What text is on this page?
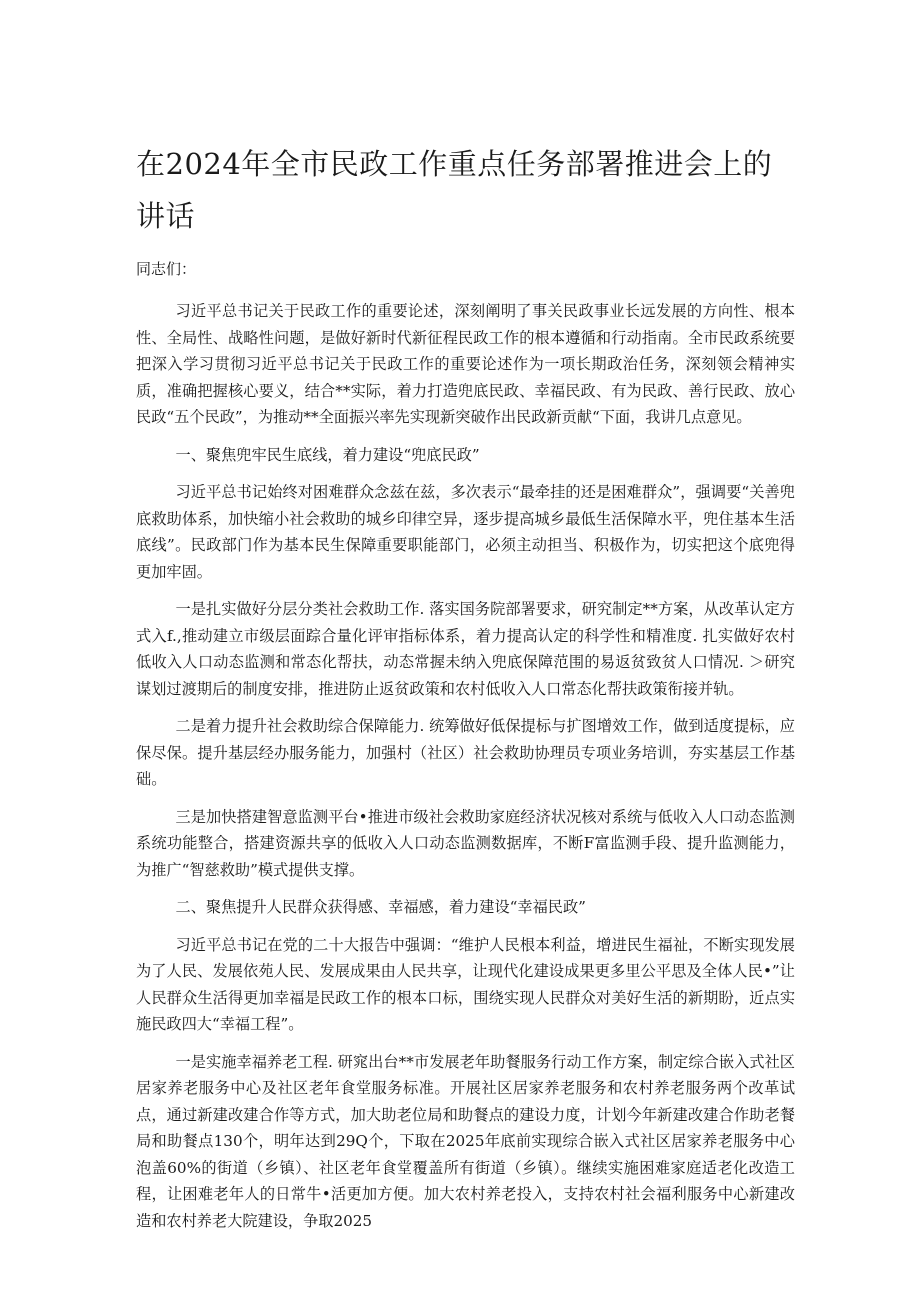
在2024年全市民政工作重点任务部署推进会上的讲话

同志们：

习近平总书记关于民政工作的重要论述，深刻阐明了事关民政事业长远发展的方向性、根本性、全局性、战略性问题，是做好新时代新征程民政工作的根本遵循和行动指南。全市民政系统要把深入学习贯彻习近平总书记关于民政工作的重要论述作为一项长期政治任务，深刻领会精神实质，准确把握核心要义，结合**实际，着力打造兜底民政、幸福民政、有为民政、善行民政、放心民政“五个民政”，为推动**全面振兴率先实现新突破作出民政新贡献“下面，我讲几点意见。

一、聚焦兜牢民生底线，着力建设“兜底民政”

习近平总书记始终对困难群众念兹在兹，多次表示“最牵挂的还是困难群众”，强调要“关善兜底救助体系，加快缩小社会救助的城乡印律空异，逐步提高城乡最低生活保障水平，兜住基本生活底线”。民政部门作为基本民生保障重要职能部门，必须主动担当、积极作为，切实把这个底兜得更加牢固。

一是扎实做好分层分类社会救助工作. 落实国务院部署要求，研究制定**方案，从改革认定方式入f.,推动建立市级层面踪合量化评审指标体系，着力提高认定的科学性和精准度. 扎实做好农村低收入人口动态监测和常态化帮扶，动态常握未纳入兜底保障范围的易返贫致贫人口情况. ＞研究谋划过渡期后的制度安排，推进防止返贫政策和农村低收入人口常态化帮扶政策衔接并轨。

二是着力提升社会救助综合保障能力. 统筹做好低保提标与扩图增效工作，做到适度提标，应保尽保。提升基层经办服务能力，加强村（社区）社会救助协理员专项业务培训，夯实基层工作基础。

三是加快搭建智意监测平台•推进市级社会救助家庭经济状况核对系统与低收入人口动态监测系统功能整合，搭建资源共享的低收入人口动态监测数据库，不断F富监测手段、提升监测能力，为推广“智慈救助”模式提供支撑。

二、聚焦提升人民群众获得感、幸福感，着力建设“幸福民政”

习近平总书记在党的二十大报告中强调：“维护人民根本利益，增进民生福祉，不断实现发展为了人民、发展依苑人民、发展成果由人民共享，让现代化建设成果更多里公平思及全体人民•”让人民群众生活得更加幸福是民政工作的根本口标，围绕实现人民群众对美好生活的新期盼，近点实施民政四大“幸福工程”。

一是实施幸福养老工程. 研窕出台**市发展老年助餐服务行动工作方案，制定综合嵌入式社区居家养老服务中心及社区老年食堂服务标准。开展社区居家养老服务和农村养老服务两个改革试点，通过新建改建合作等方式，加大助老位局和助餐点的建设力度，计划今年新建改建合作助老餐局和助餐点130个，明年达到29Q个，下取在2025年底前实现综合嵌入式社区居家养老服务中心泡盖60%的街道（乡镇）、社区老年食堂覆盖所有街道（乡镇）。继续实施困难家庭适老化改造工程，让困难老年人的日常牛•活更加方便。加大农村养老投入，支持农村社会福利服务中心新建改造和农村养老大院建设，争取2025
